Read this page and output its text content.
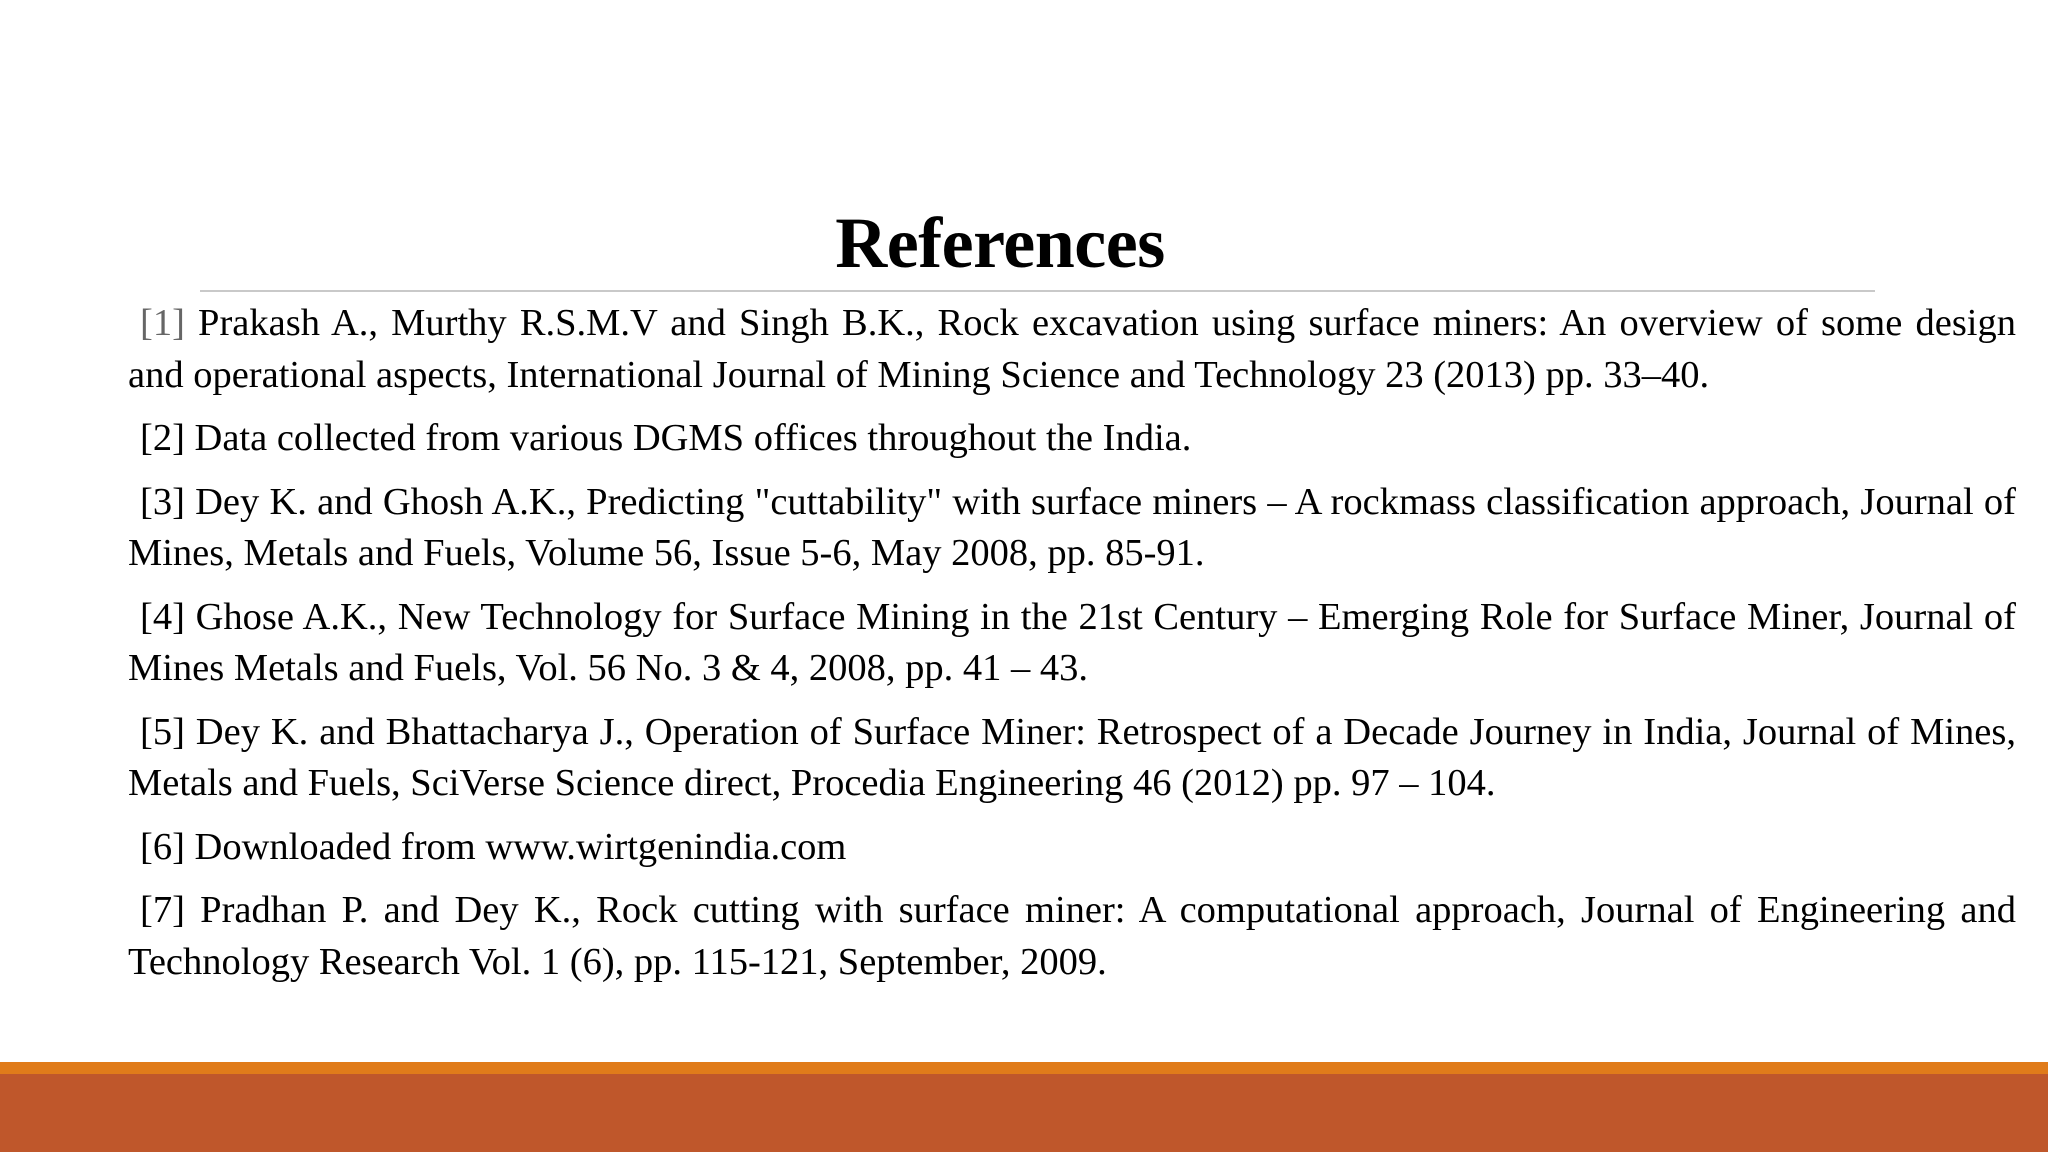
References
[1] Prakash A., Murthy R.S.M.V and Singh B.K., Rock excavation using surface miners: An overview of some design and operational aspects, International Journal of Mining Science and Technology 23 (2013) pp. 33–40.
[2] Data collected from various DGMS offices throughout the India.
[3] Dey K. and Ghosh A.K., Predicting "cuttability" with surface miners – A rockmass classification approach, Journal of Mines, Metals and Fuels, Volume 56, Issue 5-6, May 2008, pp. 85-91.
[4] Ghose A.K., New Technology for Surface Mining in the 21st Century – Emerging Role for Surface Miner, Journal of Mines Metals and Fuels, Vol. 56 No. 3 & 4, 2008, pp. 41 – 43.
[5] Dey K. and Bhattacharya J., Operation of Surface Miner: Retrospect of a Decade Journey in India, Journal of Mines, Metals and Fuels, SciVerse Science direct, Procedia Engineering 46 (2012) pp. 97 – 104.
[6] Downloaded from www.wirtgenindia.com
[7] Pradhan P. and Dey K., Rock cutting with surface miner: A computational approach, Journal of Engineering and Technology Research Vol. 1 (6), pp. 115-121, September, 2009.
